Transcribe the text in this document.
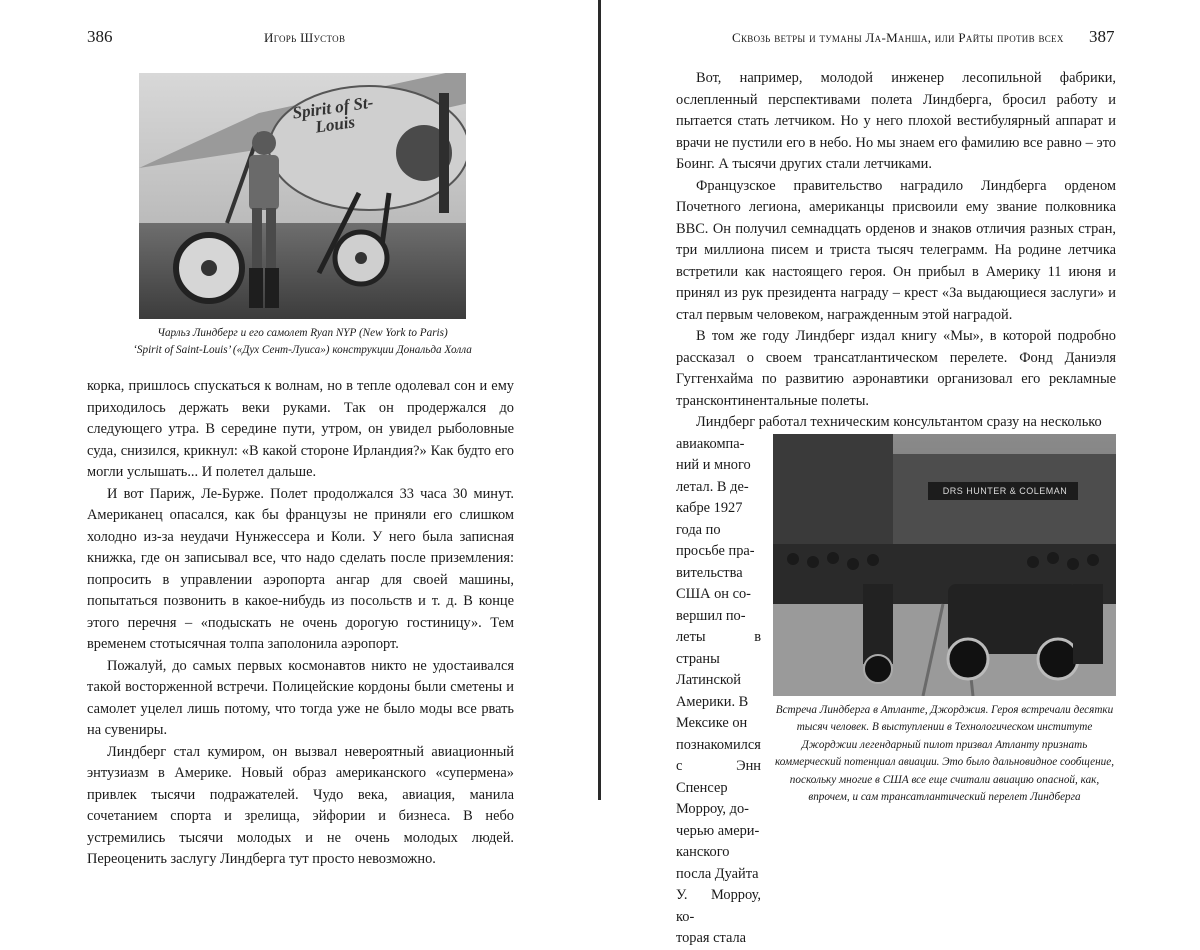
386	Игорь Шустов
Spirit of St-Louis
Чарльз Линдберг и его самолет Ryan NYP (New York to Paris)
‘Spirit of Saint-Louis’ («Дух Сент-Луиса») конструкции Дональда Холла

корка, пришлось спускаться к волнам, но в тепле одолевал сон и ему приходилось держать веки руками. Так он продержался до следующего утра. В середине пути, утром, он увидел рыболовные суда, снизился, крикнул: «В какой стороне Ирландия?» Как будто его могли услышать... И полетел дальше.

И вот Париж, Ле-Бурже. Полет продолжался 33 часа 30 минут. Американец опасался, как бы французы не приняли его слишком холодно из-за неудачи Нунжессера и Коли. У него была записная книжка, где он записывал все, что надо сделать после приземления: попросить в управлении аэропорта ангар для своей машины, попытаться позвонить в какое-нибудь из посольств и т. д. В конце этого перечня – «подыскать не очень дорогую гостиницу». Тем временем стотысячная толпа заполонила аэропорт.

Пожалуй, до самых первых космонавтов никто не удостаивался такой восторженной встречи. Полицейские кордоны были сметены и самолет уцелел лишь потому, что тогда уже не было моды все рвать на сувениры.

Линдберг стал кумиром, он вызвал невероятный авиационный энтузиазм в Америке. Новый образ американского «супермена» привлек тысячи подражателей. Чудо века, авиация, манила сочетанием спорта и зрелища, эйфории и бизнеса. В небо устремились тысячи молодых и не очень молодых людей. Переоценить заслугу Линдберга тут просто невозможно.

Сквозь ветры и туманы Ла-Манша, или Райты против всех 387

Вот, например, молодой инженер лесопильной фабрики, ослепленный перспективами полета Линдберга, бросил работу и пытается стать летчиком. Но у него плохой вестибулярный аппарат и врачи не пустили его в небо. Но мы знаем его фамилию все равно – это Боинг. А тысячи других стали летчиками.

Французское правительство наградило Линдберга орденом Почетного легиона, американцы присвоили ему звание полковника ВВС. Он получил семнадцать орденов и знаков отличия разных стран, три миллиона писем и триста тысяч телеграмм. На родине летчика встретили как настоящего героя. Он прибыл в Америку 11 июня и принял из рук президента награду – крест «За выдающиеся заслуги» и стал первым человеком, награжденным этой наградой.

В том же году Линдберг издал книгу «Мы», в которой подробно рассказал о своем трансатлантическом перелете. Фонд Даниэля Гуггенхайма по развитию аэронавтики организовал его рекламные трансконтинентальные полеты.

Линдберг работал техническим консультантом сразу на несколько

DRS HUNTER & COLEMAN
Встреча Линдберга в Атланте, Джорджия. Героя встречали десятки
тысяч человек. В выступлении в Технологическом институте
Джорджии легендарный пилот призвал Атланту признать
коммерческий потенциал авиации. Это было дальновидное сообщение,
поскольку многие в США все еще считали авиацию опасной, как,
впрочем, и сам трансатлантический перелет Линдберга
авиакомпа-
ний и много
летал. В де-
кабре 1927
года по
просьбе пра-
вительства
США он со-
вершил по-
леты в страны
Латинской
Америки. В
Мексике он
познакомился
с Энн Спенсер
Морроу, до-
черью амери-
канского
посла Дуайта
У. Морроу, ко-
торая стала
